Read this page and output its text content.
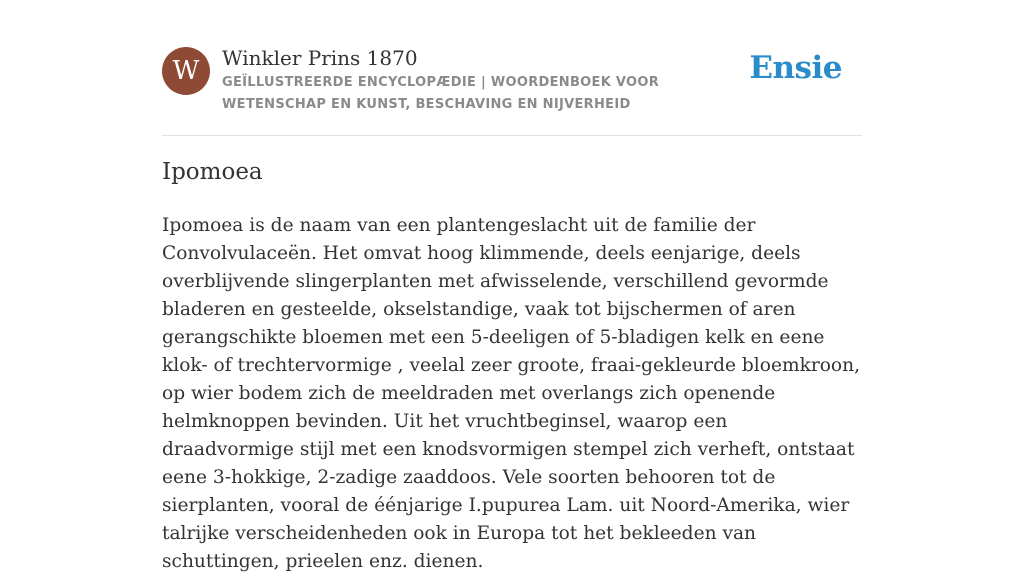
W	Winkler Prins 1870
GEÏLLUSTREERDE ENCYCLOPÆDIE | WOORDENBOEK VOOR WETENSCHAP EN KUNST, BESCHAVING EN NIJVERHEID
Ensie
Ipomoea

Ipomoea is de naam van een plantengeslacht uit de familie der Convolvulaceën. Het omvat hoog klimmende, deels eenjarige, deels overblijvende slingerplanten met afwisselende, verschillend gevormde bladeren en gesteelde, okselstandige, vaak tot bijschermen of aren gerangschikte bloemen met een 5-deeligen of 5-bladigen kelk en eene klok- of trechtervormige , veelal zeer groote, fraai-gekleurde bloemkroon, op wier bodem zich de meeldraden met overlangs zich openende helmknoppen bevinden. Uit het vruchtbeginsel, waarop een draadvormige stijl met een knodsvormigen stempel zich verheft, ontstaat eene 3-hokkige, 2-zadige zaaddoos. Vele soorten behooren tot de sierplanten, vooral de éénjarige I.pupurea Lam. uit Noord-Amerika, wier talrijke verscheidenheden ook in Europa tot het bekleeden van schuttingen, prieelen enz. dienen.
